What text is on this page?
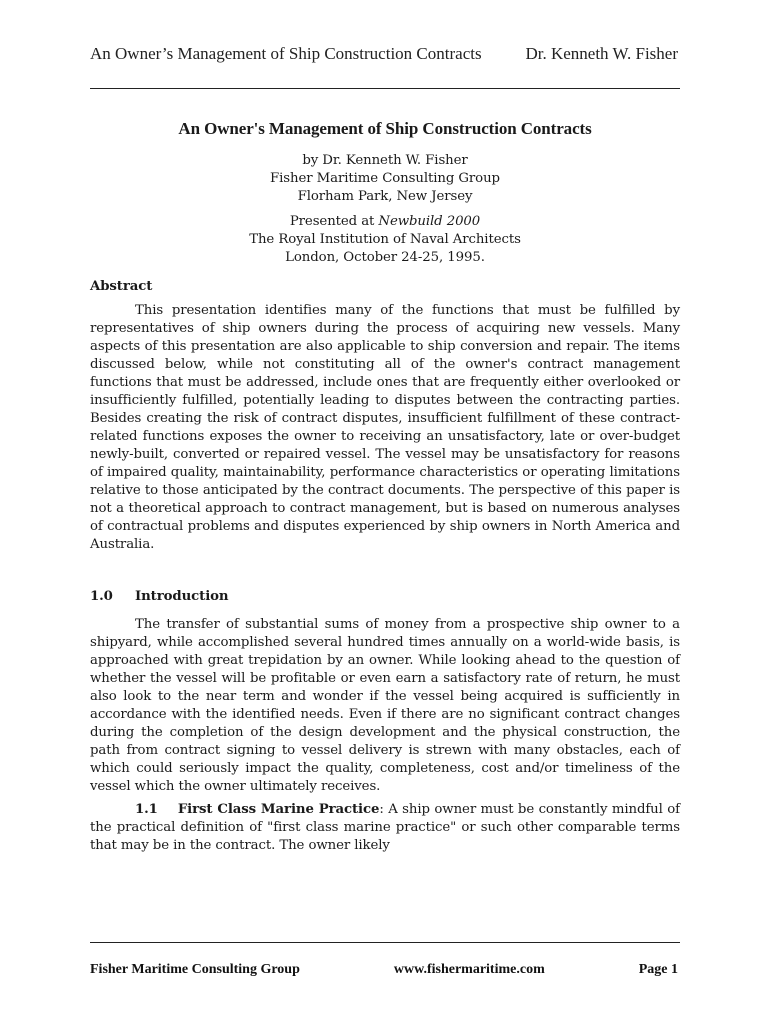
An Owner’s Management of Ship Construction Contracts	Dr. Kenneth W. Fisher
An Owner's Management of Ship Construction Contracts
by Dr. Kenneth W. Fisher
Fisher Maritime Consulting Group
Florham Park, New Jersey
Presented at Newbuild 2000
The Royal Institution of Naval Architects
London, October 24-25, 1995.
Abstract

This presentation identifies many of the functions that must be fulfilled by representatives of ship owners during the process of acquiring new vessels. Many aspects of this presentation are also applicable to ship conversion and repair. The items discussed below, while not constituting all of the owner's contract management functions that must be addressed, include ones that are frequently either overlooked or insufficiently fulfilled, potentially leading to disputes between the contracting parties. Besides creating the risk of contract disputes, insufficient fulfillment of these contract-related functions exposes the owner to receiving an unsatisfactory, late or over-budget newly-built, converted or repaired vessel. The vessel may be unsatisfactory for reasons of impaired quality, maintainability, performance characteristics or operating limitations relative to those anticipated by the contract documents. The perspective of this paper is not a theoretical approach to contract management, but is based on numerous analyses of contractual problems and disputes experienced by ship owners in North America and Australia.

1.0 Introduction

The transfer of substantial sums of money from a prospective ship owner to a shipyard, while accomplished several hundred times annually on a world-wide basis, is approached with great trepidation by an owner. While looking ahead to the question of whether the vessel will be profitable or even earn a satisfactory rate of return, he must also look to the near term and wonder if the vessel being acquired is sufficiently in accordance with the identified needs. Even if there are no significant contract changes during the completion of the design development and the physical construction, the path from contract signing to vessel delivery is strewn with many obstacles, each of which could seriously impact the quality, completeness, cost and/or timeliness of the vessel which the owner ultimately receives.

1.1 First Class Marine Practice: A ship owner must be constantly mindful of the practical definition of "first class marine practice" or such other comparable terms that may be in the contract. The owner likely

Fisher Maritime Consulting Group	www.fishermaritime.com	Page 1
